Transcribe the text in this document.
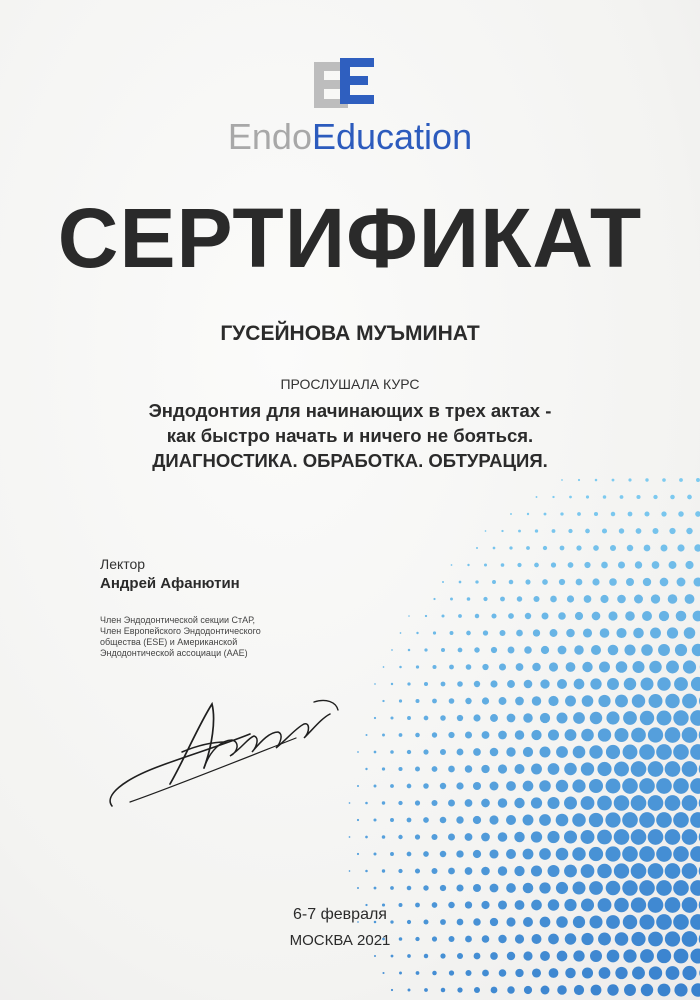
EndoEducation
СЕРТИФИКАТ
ГУСЕЙНОВА МУЪМИНАТ
ПРОСЛУШАЛА КУРС
Эндодонтия для начинающих в трех актах -
как быстро начать и ничего не бояться.
ДИАГНОСТИКА. ОБРАБОТКА. ОБТУРАЦИЯ.
Лектор
Андрей Афанютин
Член Эндодонтической секции СтАР,
Член Европейского Эндодонтического
общества (ESE) и Американской
Эндодонтической ассоциаци (AAE)
6-7 февраля
МОСКВА 2021
